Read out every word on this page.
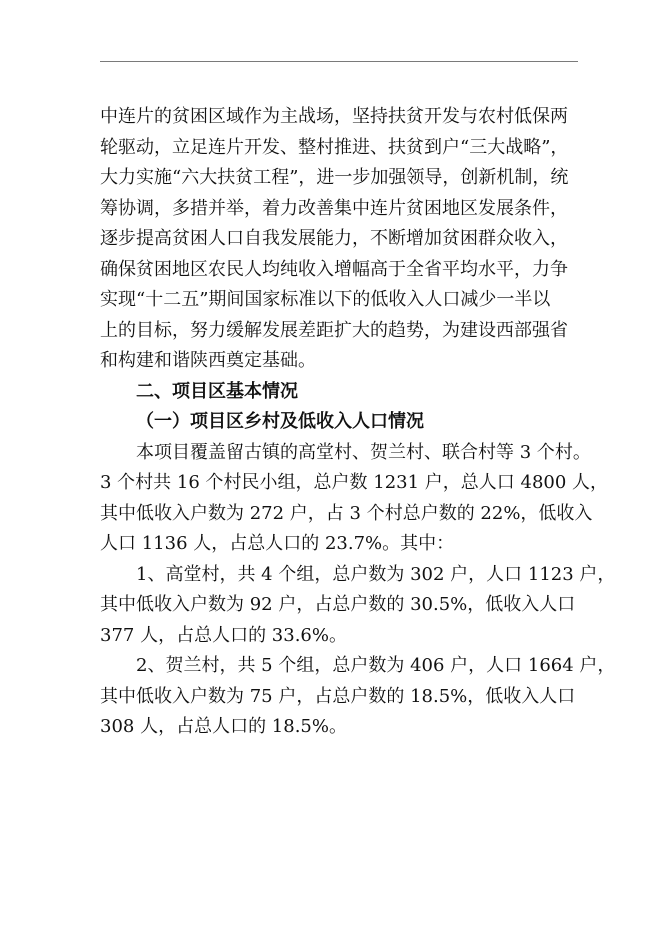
中连片的贫困区域作为主战场，坚持扶贫开发与农村低保两
轮驱动，立足连片开发、整村推进、扶贫到户“三大战略”，
大力实施“六大扶贫工程”，进一步加强领导，创新机制，统
筹协调，多措并举，着力改善集中连片贫困地区发展条件，
逐步提高贫困人口自我发展能力，不断增加贫困群众收入，
确保贫困地区农民人均纯收入增幅高于全省平均水平，力争
实现“十二五”期间国家标准以下的低收入人口减少一半以
上的目标，努力缓解发展差距扩大的趋势，为建设西部强省
和构建和谐陕西奠定基础。
二、项目区基本情况
（一）项目区乡村及低收入人口情况
本项目覆盖留古镇的高堂村、贺兰村、联合村等 3 个村。
3 个村共 16 个村民小组，总户数 1231 户，总人口 4800 人，
其中低收入户数为 272 户，占 3 个村总户数的 22%，低收入
人口 1136 人，占总人口的 23.7%。其中：
1、高堂村，共 4 个组，总户数为 302 户，人口 1123 户，
其中低收入户数为 92 户，占总户数的 30.5%，低收入人口
377 人，占总人口的 33.6%。
2、贺兰村，共 5 个组，总户数为 406 户，人口 1664 户，
其中低收入户数为 75 户，占总户数的 18.5%，低收入人口
308 人，占总人口的 18.5%。
